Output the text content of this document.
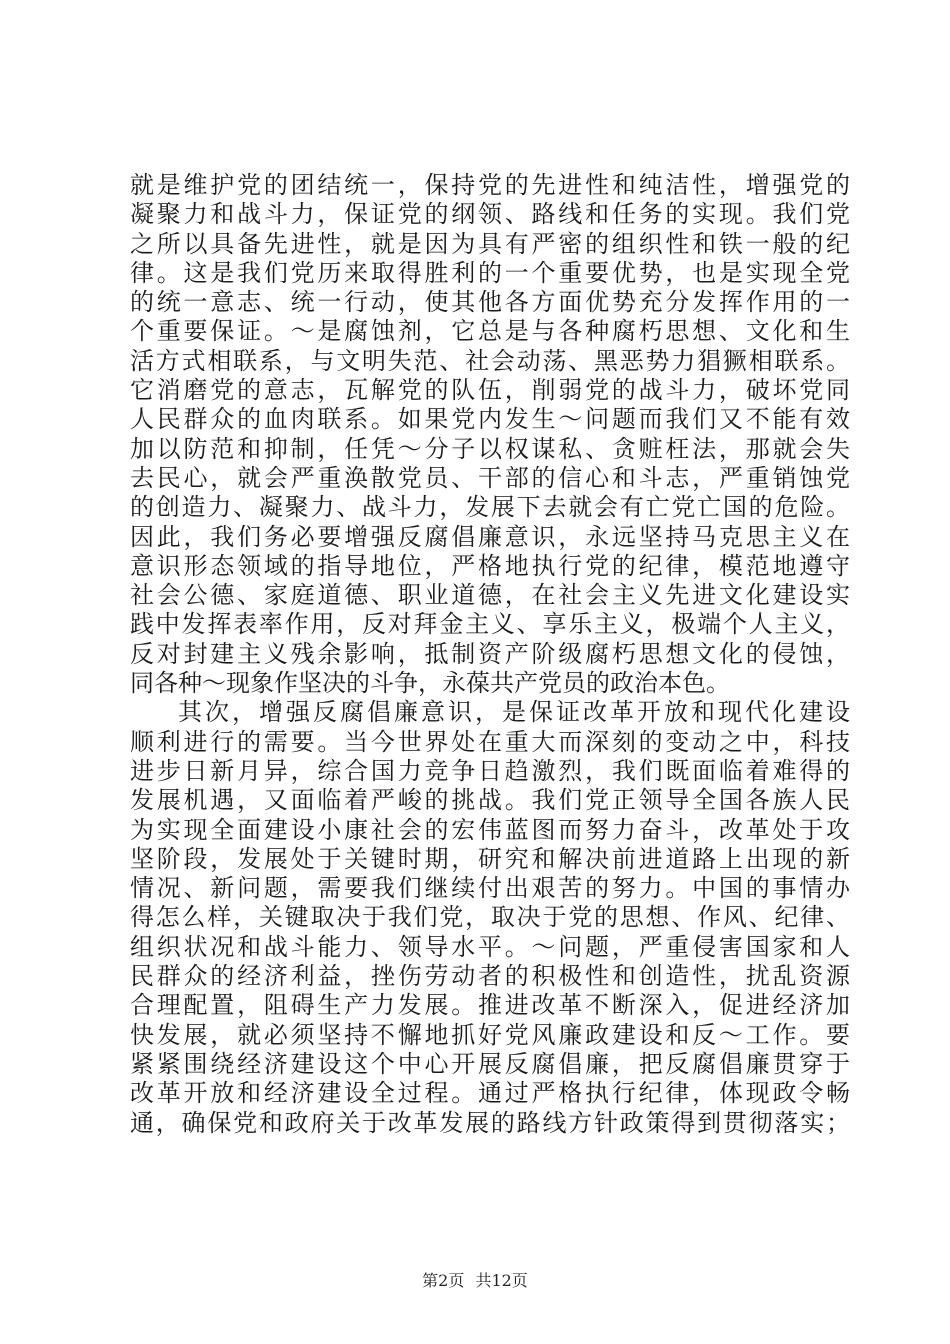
就是维护党的团结统一，保持党的先进性和纯洁性，增强党的
凝聚力和战斗力，保证党的纲领、路线和任务的实现。我们党
之所以具备先进性，就是因为具有严密的组织性和铁一般的纪
律。这是我们党历来取得胜利的一个重要优势，也是实现全党
的统一意志、统一行动，使其他各方面优势充分发挥作用的一
个重要保证。～是腐蚀剂，它总是与各种腐朽思想、文化和生
活方式相联系，与文明失范、社会动荡、黑恶势力猖獗相联系。
它消磨党的意志，瓦解党的队伍，削弱党的战斗力，破坏党同
人民群众的血肉联系。如果党内发生～问题而我们又不能有效
加以防范和抑制，任凭～分子以权谋私、贪赃枉法，那就会失
去民心，就会严重涣散党员、干部的信心和斗志，严重销蚀党
的创造力、凝聚力、战斗力，发展下去就会有亡党亡国的危险。
因此，我们务必要增强反腐倡廉意识，永远坚持马克思主义在
意识形态领域的指导地位，严格地执行党的纪律，模范地遵守
社会公德、家庭道德、职业道德，在社会主义先进文化建设实
践中发挥表率作用，反对拜金主义、享乐主义，极端个人主义，
反对封建主义残余影响，抵制资产阶级腐朽思想文化的侵蚀，
同各种～现象作坚决的斗争，永葆共产党员的政治本色。
其次，增强反腐倡廉意识，是保证改革开放和现代化建设
顺利进行的需要。当今世界处在重大而深刻的变动之中，科技
进步日新月异，综合国力竞争日趋激烈，我们既面临着难得的
发展机遇，又面临着严峻的挑战。我们党正领导全国各族人民
为实现全面建设小康社会的宏伟蓝图而努力奋斗，改革处于攻
坚阶段，发展处于关键时期，研究和解决前进道路上出现的新
情况、新问题，需要我们继续付出艰苦的努力。中国的事情办
得怎么样，关键取决于我们党，取决于党的思想、作风、纪律、
组织状况和战斗能力、领导水平。～问题，严重侵害国家和人
民群众的经济利益，挫伤劳动者的积极性和创造性，扰乱资源
合理配置，阻碍生产力发展。推进改革不断深入，促进经济加
快发展，就必须坚持不懈地抓好党风廉政建设和反～工作。要
紧紧围绕经济建设这个中心开展反腐倡廉，把反腐倡廉贯穿于
改革开放和经济建设全过程。通过严格执行纪律，体现政令畅
通，确保党和政府关于改革发展的路线方针政策得到贯彻落实；
第2页 共12页
